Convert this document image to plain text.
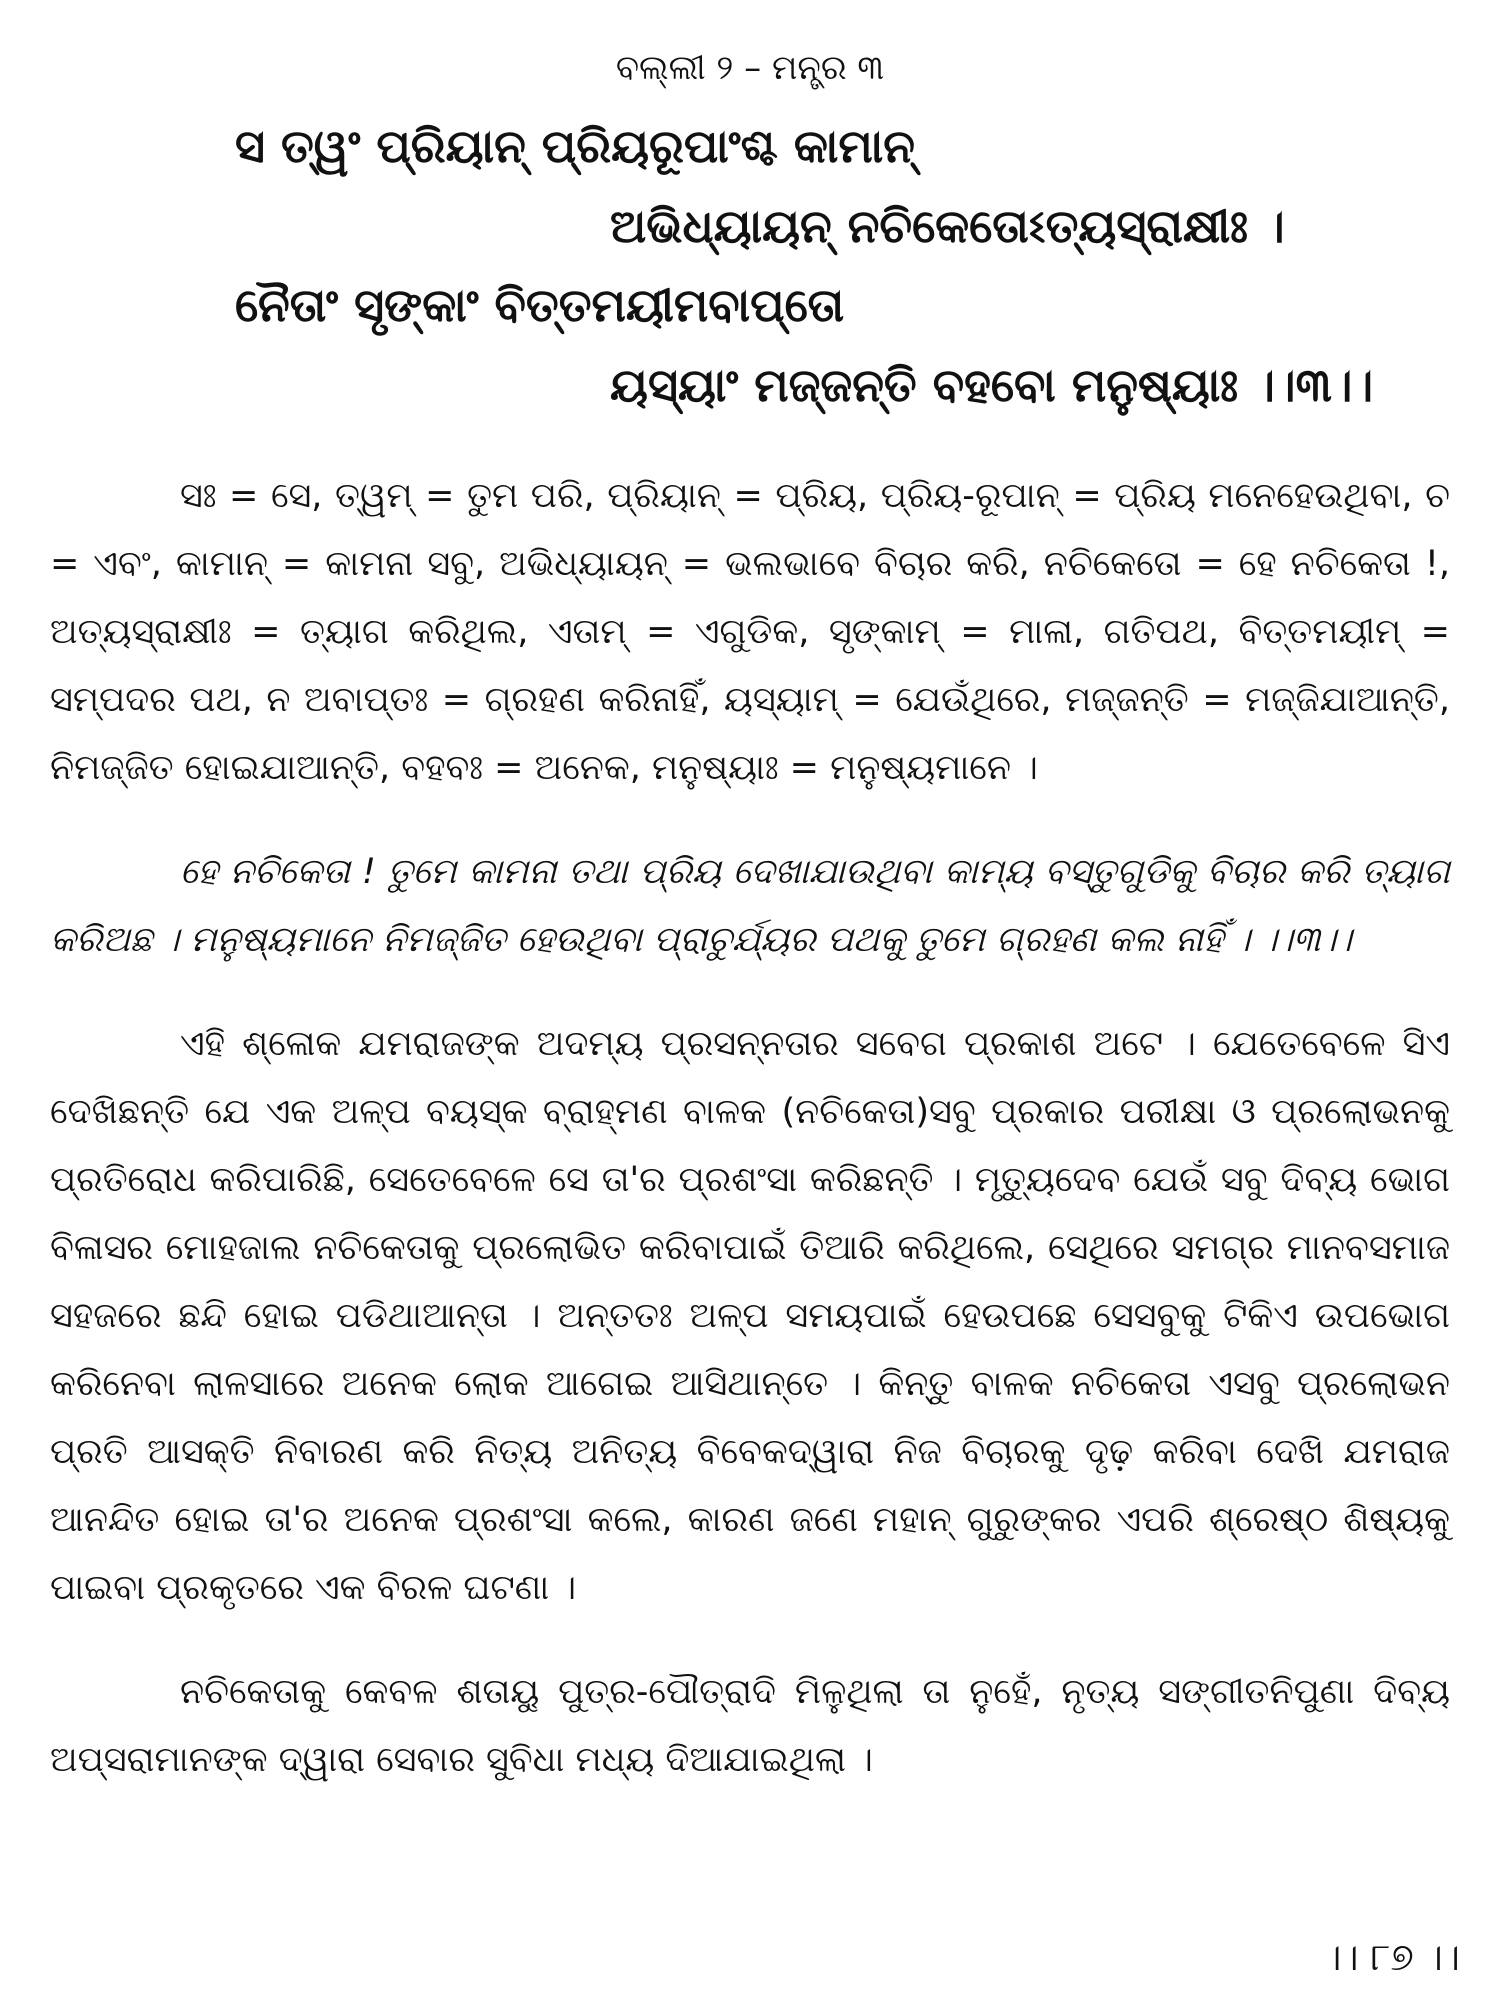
ବଲ୍ଲୀ ୨ – ମନ୍ତ୍ର ୩
ସ ତ୍ୱଂ ପ୍ରିୟାନ୍ ପ୍ରିୟରୂପାଂଶ୍ଚ କାମାନ୍
ଅଭିଧ୍ୟାୟନ୍ ନଚିକେତୋଽତ୍ୟସ୍ରାକ୍ଷୀଃ ।
ନୈତାଂ ସୃଙ୍କାଂ ବିତ୍ତମୟୀମବାପ୍ତୋ
ୟସ୍ୟାଂ ମଜ୍ଜନ୍ତି ବହବୋ ମନୁଷ୍ୟାଃ ।।୩।।

ସଃ = ସେ, ତ୍ୱମ୍ = ତୁମ ପରି, ପ୍ରିୟାନ୍ = ପ୍ରିୟ, ପ୍ରିୟ-ରୂପାନ୍ = ପ୍ରିୟ ମନେହେଉଥିବା, ଚ = ଏବଂ, କାମାନ୍ = କାମନା ସବୁ, ଅଭିଧ୍ୟାୟନ୍ = ଭଲଭାବେ ବିଚାର କରି, ନଚିକେତୋ = ହେ ନଚିକେତା !, ଅତ୍ୟସ୍ରାକ୍ଷୀଃ = ତ୍ୟାଗ କରିଥିଲ, ଏତାମ୍ = ଏଗୁଡିକ, ସୃଙ୍କାମ୍ = ମାଳା, ଗତିପଥ, ବିତ୍ତମୟୀମ୍ = ସମ୍ପଦର ପଥ, ନ ଅବାପ୍ତଃ = ଗ୍ରହଣ କରିନାହିଁ, ୟସ୍ୟାମ୍ = ଯେଉଁଥିରେ, ମଜ୍ଜନ୍ତି = ମଜ୍ଜିଯାଆନ୍ତି, ନିମଜ୍ଜିତ ହୋଇଯାଆନ୍ତି, ବହବଃ = ଅନେକ, ମନୁଷ୍ୟାଃ = ମନୁଷ୍ୟମାନେ ।

ହେ ନଚିକେତା ! ତୁମେ କାମନା ତଥା ପ୍ରିୟ ଦେଖାଯାଉଥିବା କାମ୍ୟ ବସ୍ତୁଗୁଡିକୁ ବିଚାର କରି ତ୍ୟାଗ କରିଅଛ । ମନୁଷ୍ୟମାନେ ନିମଜ୍ଜିତ ହେଉଥିବା ପ୍ରାଚୁର୍ଯ୍ୟର ପଥକୁ ତୁମେ ଗ୍ରହଣ କଲ ନାହିଁ । ।।୩।।

ଏହି ଶ୍ଳୋକ ଯମରାଜଙ୍କ ଅଦମ୍ୟ ପ୍ରସନ୍ନତାର ସବେଗ ପ୍ରକାଶ ଅଟେ । ଯେତେବେଳେ ସିଏ ଦେଖିଛନ୍ତି ଯେ ଏକ ଅଳ୍ପ ବୟସ୍କ ବ୍ରାହ୍ମଣ ବାଳକ (ନଚିକେତା)ସବୁ ପ୍ରକାର ପରୀକ୍ଷା ଓ ପ୍ରଲୋଭନକୁ ପ୍ରତିରୋଧ କରିପାରିଛି, ସେତେବେଳେ ସେ ତା'ର ପ୍ରଶଂସା କରିଛନ୍ତି । ମୃତ୍ୟୁଦେବ ଯେଉଁ ସବୁ ଦିବ୍ୟ ଭୋଗ ବିଳାସର ମୋହଜାଲ ନଚିକେତାକୁ ପ୍ରଲୋଭିତ କରିବାପାଇଁ ତିଆରି କରିଥିଲେ, ସେଥିରେ ସମଗ୍ର ମାନବସମାଜ ସହଜରେ ଛନ୍ଦି ହୋଇ ପଡିଥାଆନ୍ତା । ଅନ୍ତତଃ ଅଳ୍ପ ସମୟପାଇଁ ହେଉପଛେ ସେସବୁକୁ ଟିକିଏ ଉପଭୋଗ କରିନେବା ଲାଳସାରେ ଅନେକ ଲୋକ ଆଗେଇ ଆସିଥାନ୍ତେ । କିନ୍ତୁ ବାଳକ ନଚିକେତା ଏସବୁ ପ୍ରଲୋଭନ ପ୍ରତି ଆସକ୍ତି ନିବାରଣ କରି ନିତ୍ୟ ଅନିତ୍ୟ ବିବେକଦ୍ୱାରା ନିଜ ବିଚାରକୁ ଦୃଢ଼ କରିବା ଦେଖି ଯମରାଜ ଆନନ୍ଦିତ ହୋଇ ତା'ର ଅନେକ ପ୍ରଶଂସା କଲେ, କାରଣ ଜଣେ ମହାନ୍ ଗୁରୁଙ୍କର ଏପରି ଶ୍ରେଷ୍ଠ ଶିଷ୍ୟକୁ ପାଇବା ପ୍ରକୃତରେ ଏକ ବିରଳ ଘଟଣା ।

ନଚିକେତାକୁ କେବଳ ଶତାୟୁ ପୁତ୍ର-ପୌତ୍ରାଦି ମିଳୁଥିଲା ତା ନୁହେଁ, ନୃତ୍ୟ ସଙ୍ଗୀତନିପୁଣା ଦିବ୍ୟ ଅପ୍ସରାମାନଙ୍କ ଦ୍ୱାରା ସେବାର ସୁବିଧା ମଧ୍ୟ ଦିଆଯାଇଥିଲା ।

।। ୮୭ ।।
